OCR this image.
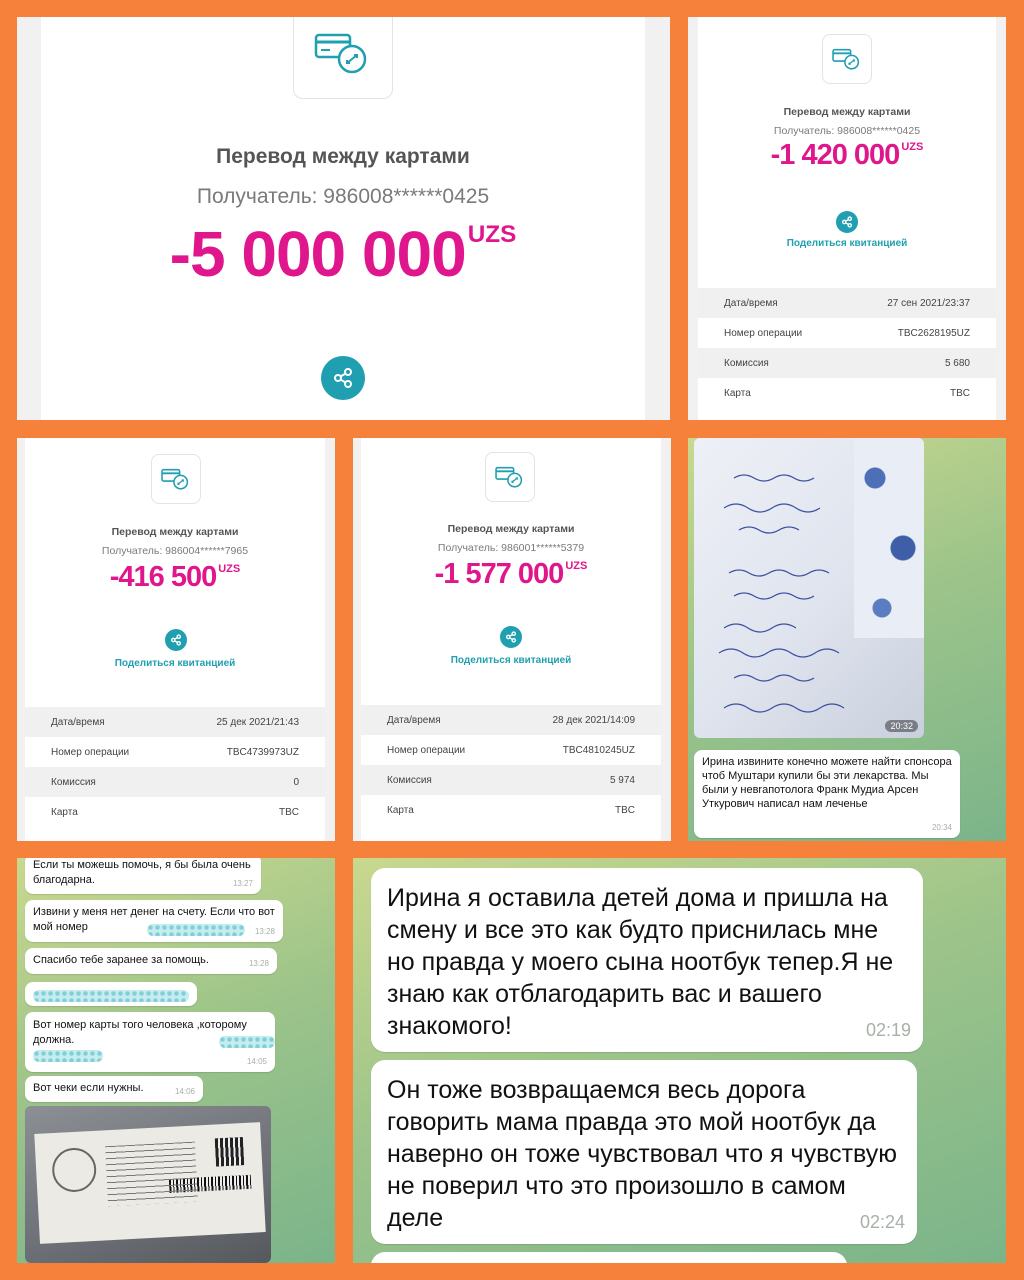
Перевод между картами
Получатель: 986008******0425
-5 000 $000^{UZS}$
Перевод между картами
Получатель: 986008******0425
-1 420 000 $^{UZS}$
Поделиться квитанцией
Дата/время	27 сен 2021/23:37
Номер операции	TBC2628195UZ
Комиссия	5 680
Карта	TBC
Перевод между картами
Получатель: 986004******7965
-416 500 $^{UZS}$
Поделиться квитанцией
Дата/время	25 дек 2021/21:43
Номер операции	TBC4739973UZ
Комиссия	0
Карта	TBC
Перевод между картами
Получатель: 986001******5379
-1 577 000 $^{UZS}$
Поделиться квитанцией
Дата/время	28 дек 2021/14:09
Номер операции	TBC4810245UZ
Комиссия	5 974
Карта	TBC
20:32
Ирина извините конечно можете найти спонсора чтоб Муштари купили бы эти лекарства. Мы были у невrапотолога Франк Мудиа Арсен Уткурович написал нам леченье
20:34
Если ты можешь помочь, я бы была очень благодарна.	13:27
Извини у меня нет денег на счету. Если что вот мой номер	13:28
Спасибо тебе заранее за помощь.	13:28
Вот номер карты того человека ,которому должна.
14:05
Вот чеки если нужны.	14:06
Ирина я оставила детей дома и пришла на смену и все это как будто приснилась мне но правда у моего сына ноотбук тепер.Я не знаю как отблагодарить вас и вашего знакомого!	02:19
Он тоже возвращаемся весь дорога говорить мама правда это мой ноотбук да наверно он тоже чувствовал что я чувствую не поверил что это произошло в самом деле	02:24
